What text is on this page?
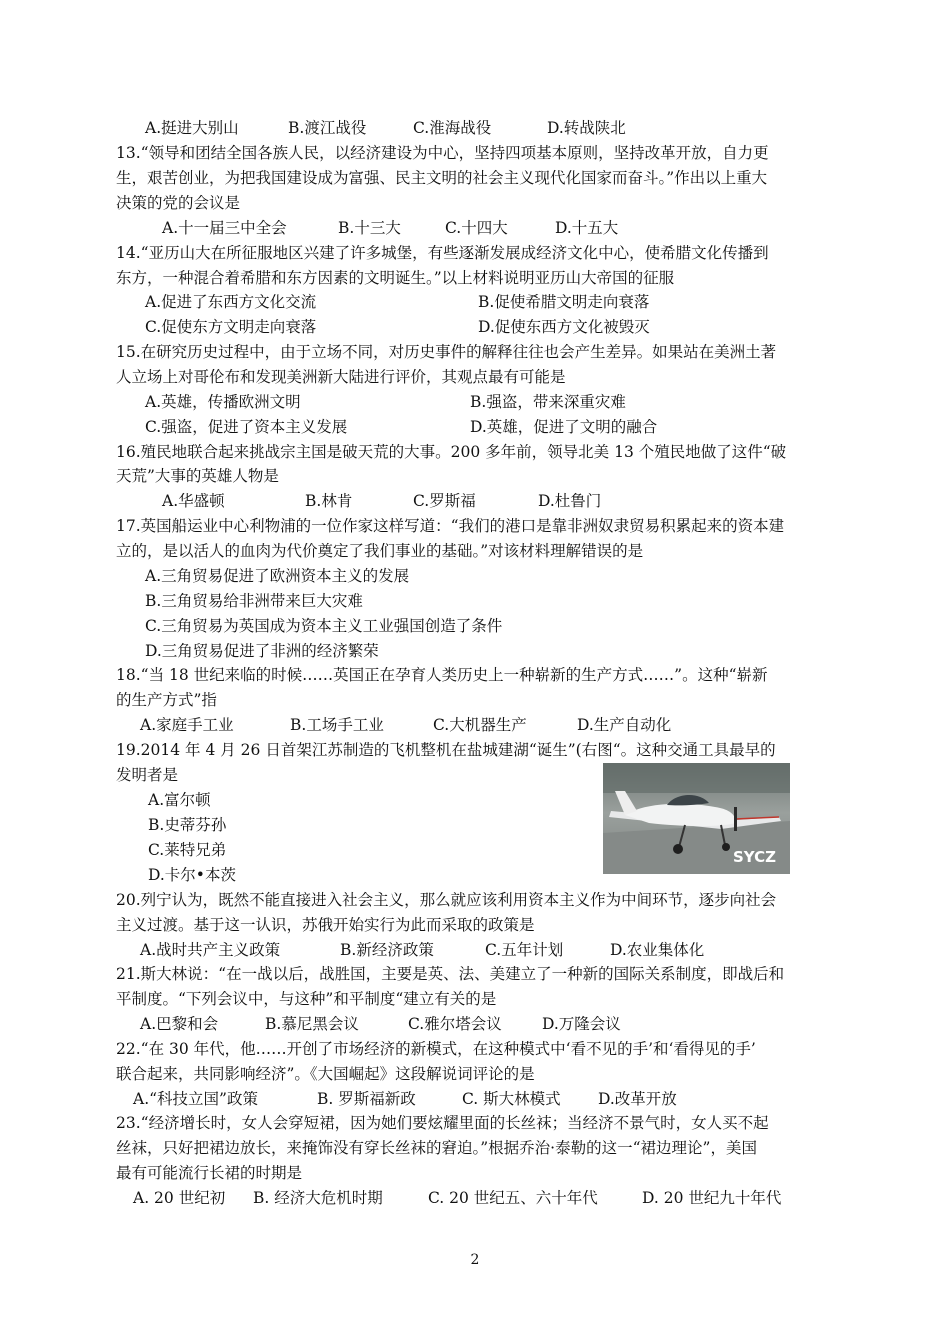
A.挺进大别山	B.渡江战役	C.淮海战役	D.转战陕北
13.“领导和团结全国各族人民，以经济建设为中心，坚持四项基本原则，坚持改革开放，自力更
生，艰苦创业，为把我国建设成为富强、民主文明的社会主义现代化国家而奋斗。”作出以上重大
决策的党的会议是
A.十一届三中全会	B.十三大	C.十四大	D.十五大
14.“亚历山大在所征服地区兴建了许多城堡，有些逐渐发展成经济文化中心，使希腊文化传播到
东方，一种混合着希腊和东方因素的文明诞生。”以上材料说明亚历山大帝国的征服
A.促进了东西方文化交流	B.促使希腊文明走向衰落
C.促使东方文明走向衰落	D.促使东西方文化被毁灭
15.在研究历史过程中，由于立场不同，对历史事件的解释往往也会产生差异。如果站在美洲土著
人立场上对哥伦布和发现美洲新大陆进行评价，其观点最有可能是
A.英雄，传播欧洲文明	B.强盗，带来深重灾难
C.强盗，促进了资本主义发展	D.英雄，促进了文明的融合
16.殖民地联合起来挑战宗主国是破天荒的大事。200 多年前，领导北美 13 个殖民地做了这件“破
天荒”大事的英雄人物是
A.华盛顿	B.林肯	C.罗斯福	D.杜鲁门
17.英国船运业中心利物浦的一位作家这样写道：“我们的港口是靠非洲奴隶贸易积累起来的资本建
立的，是以活人的血肉为代价奠定了我们事业的基础。”对该材料理解错误的是
A.三角贸易促进了欧洲资本主义的发展
B.三角贸易给非洲带来巨大灾难
C.三角贸易为英国成为资本主义工业强国创造了条件
D.三角贸易促进了非洲的经济繁荣
18.“当 18 世纪来临的时候……英国正在孕育人类历史上一种崭新的生产方式……”。这种“崭新
的生产方式”指
A.家庭手工业	B.工场手工业	C.大机器生产	D.生产自动化
19.2014 年 4 月 26 日首架江苏制造的飞机整机在盐城建湖“诞生”(右图“。这种交通工具最早的
发明者是
A.富尔顿
B.史蒂芬孙
C.莱特兄弟
D.卡尔•本茨
SYCZ
20.列宁认为，既然不能直接进入社会主义，那么就应该利用资本主义作为中间环节，逐步向社会
主义过渡。基于这一认识，苏俄开始实行为此而采取的政策是
A.战时共产主义政策	B.新经济政策	C.五年计划	D.农业集体化
21.斯大林说：“在一战以后，战胜国，主要是英、法、美建立了一种新的国际关系制度，即战后和
平制度。“下列会议中，与这种”和平制度“建立有关的是
A.巴黎和会	B.慕尼黑会议	C.雅尔塔会议	D.万隆会议
22.“在 30 年代，他……开创了市场经济的新模式，在这种模式中‘看不见的手’和‘看得见的手’
联合起来，共同影响经济”。《大国崛起》这段解说词评论的是
A.“科技立国”政策	B. 罗斯福新政	C. 斯大林模式 D.改革开放
23.“经济增长时，女人会穿短裙，因为她们要炫耀里面的长丝袜；当经济不景气时，女人买不起
丝袜，只好把裙边放长，来掩饰没有穿长丝袜的窘迫。”根据乔治·泰勒的这一“裙边理论”，美国
最有可能流行长裙的时期是
A. 20 世纪初 B. 经济大危机时期	C. 20 世纪五、六十年代	D. 20 世纪九十年代
2
